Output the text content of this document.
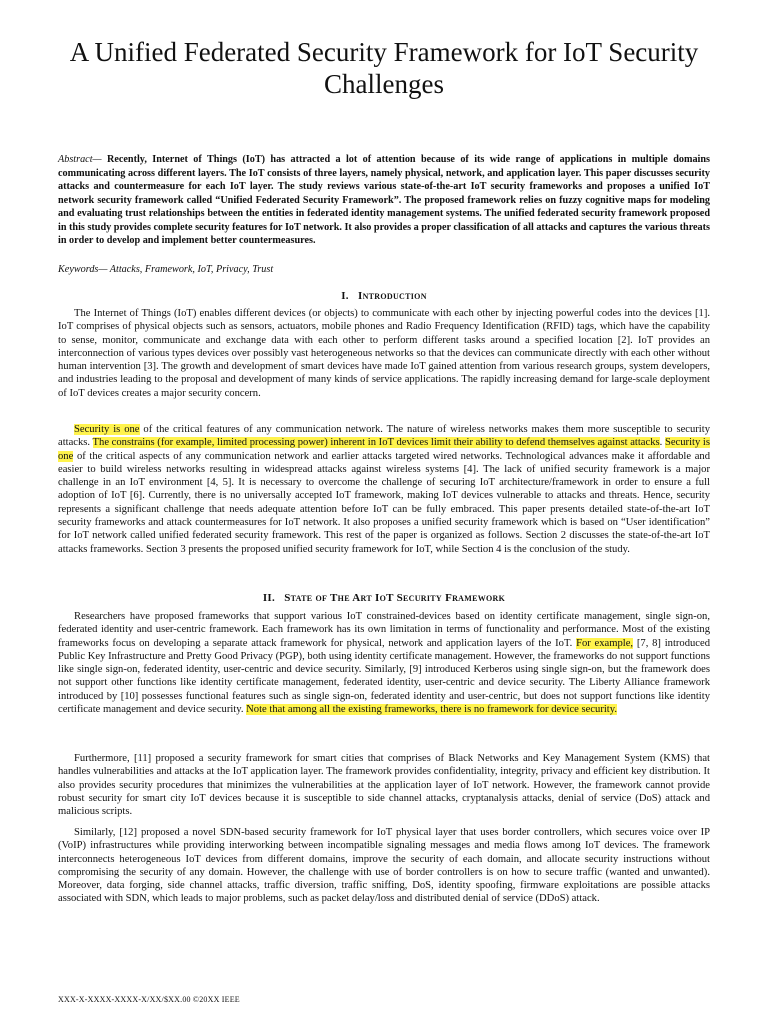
A Unified Federated Security Framework for IoT Security Challenges

Abstract— Recently, Internet of Things (IoT) has attracted a lot of attention because of its wide range of applications in multiple domains communicating across different layers. The IoT consists of three layers, namely physical, network, and application layer. This paper discusses security attacks and countermeasure for each IoT layer. The study reviews various state-of-the-art IoT security frameworks and proposes a unified IoT network security framework called “Unified Federated Security Framework”. The proposed framework relies on fuzzy cognitive maps for modeling and evaluating trust relationships between the entities in federated identity management systems. The unified federated security framework proposed in this study provides complete security features for IoT network. It also provides a proper classification of all attacks and captures the various threats in order to develop and implement better countermeasures.

Keywords— Attacks, Framework, IoT, Privacy, Trust

I. Introduction

The Internet of Things (IoT) enables different devices (or objects) to communicate with each other by injecting powerful codes into the devices [1]. IoT comprises of physical objects such as sensors, actuators, mobile phones and Radio Frequency Identification (RFID) tags, which have the capability to sense, monitor, communicate and exchange data with each other to perform different tasks around a specified location [2]. IoT provides an interconnection of various types devices over possibly vast heterogeneous networks so that the devices can communicate directly with each other without human intervention [3]. The growth and development of smart devices have made IoT gained attention from various research groups, system developers, and industries leading to the proposal and development of many kinds of service applications. The rapidly increasing demand for large-scale deployment of IoT devices creates a major security concern.

Security is one of the critical features of any communication network. The nature of wireless networks makes them more susceptible to security attacks. The constrains (for example, limited processing power) inherent in IoT devices limit their ability to defend themselves against attacks. Security is one of the critical aspects of any communication network and earlier attacks targeted wired networks. Technological advances make it affordable and easier to build wireless networks resulting in widespread attacks against wireless systems [4]. The lack of unified security framework is a major challenge in an IoT environment [4, 5]. It is necessary to overcome the challenge of securing IoT architecture/framework in order to ensure a full adoption of IoT [6]. Currently, there is no universally accepted IoT framework, making IoT devices vulnerable to attacks and threats. Hence, security represents a significant challenge that needs adequate attention before IoT can be fully embraced. This paper presents detailed state-of-the-art IoT security frameworks and attack countermeasures for IoT network. It also proposes a unified security framework which is based on “User identification” for IoT network called unified federated security framework. This rest of the paper is organized as follows. Section 2 discusses the state-of-the-art IoT attacks frameworks. Section 3 presents the proposed unified security framework for IoT, while Section 4 is the conclusion of the study.

II. State of The Art IoT Security Framework

Researchers have proposed frameworks that support various IoT constrained-devices based on identity certificate management, single sign-on, federated identity and user-centric framework. Each framework has its own limitation in terms of functionality and performance. Most of the existing frameworks focus on developing a separate attack framework for physical, network and application layers of the IoT. For example, [7, 8] introduced Public Key Infrastructure and Pretty Good Privacy (PGP), both using identity certificate management. However, the frameworks do not support functions like single sign-on, federated identity, user-centric and device security. Similarly, [9] introduced Kerberos using single sign-on, but the framework does not support other functions like identity certificate management, federated identity, user-centric and device security. The Liberty Alliance framework introduced by [10] possesses functional features such as single sign-on, federated identity and user-centric, but does not support functions like identity certificate management and device security. Note that among all the existing frameworks, there is no framework for device security.

Furthermore, [11] proposed a security framework for smart cities that comprises of Black Networks and Key Management System (KMS) that handles vulnerabilities and attacks at the IoT application layer. The framework provides confidentiality, integrity, privacy and efficient key distribution. It also provides security procedures that minimizes the vulnerabilities at the application layer of IoT network. However, the framework cannot provide robust security for smart city IoT devices because it is susceptible to side channel attacks, cryptanalysis attacks, denial of service (DoS) attack and malicious scripts.

Similarly, [12] proposed a novel SDN-based security framework for IoT physical layer that uses border controllers, which secures voice over IP (VoIP) infrastructures while providing interworking between incompatible signaling messages and media flows among IoT devices. The framework interconnects heterogeneous IoT devices from different domains, improve the security of each domain, and allocate security instructions without compromising the security of any domain. However, the challenge with use of border controllers is on how to secure traffic (wanted and unwanted). Moreover, data forging, side channel attacks, traffic diversion, traffic sniffing, DoS, identity spoofing, firmware exploitations are possible attacks associated with SDN, which leads to major problems, such as packet delay/loss and distributed denial of service (DDoS) attack.

XXX-X-XXXX-XXXX-X/XX/$XX.00 ©20XX IEEE
